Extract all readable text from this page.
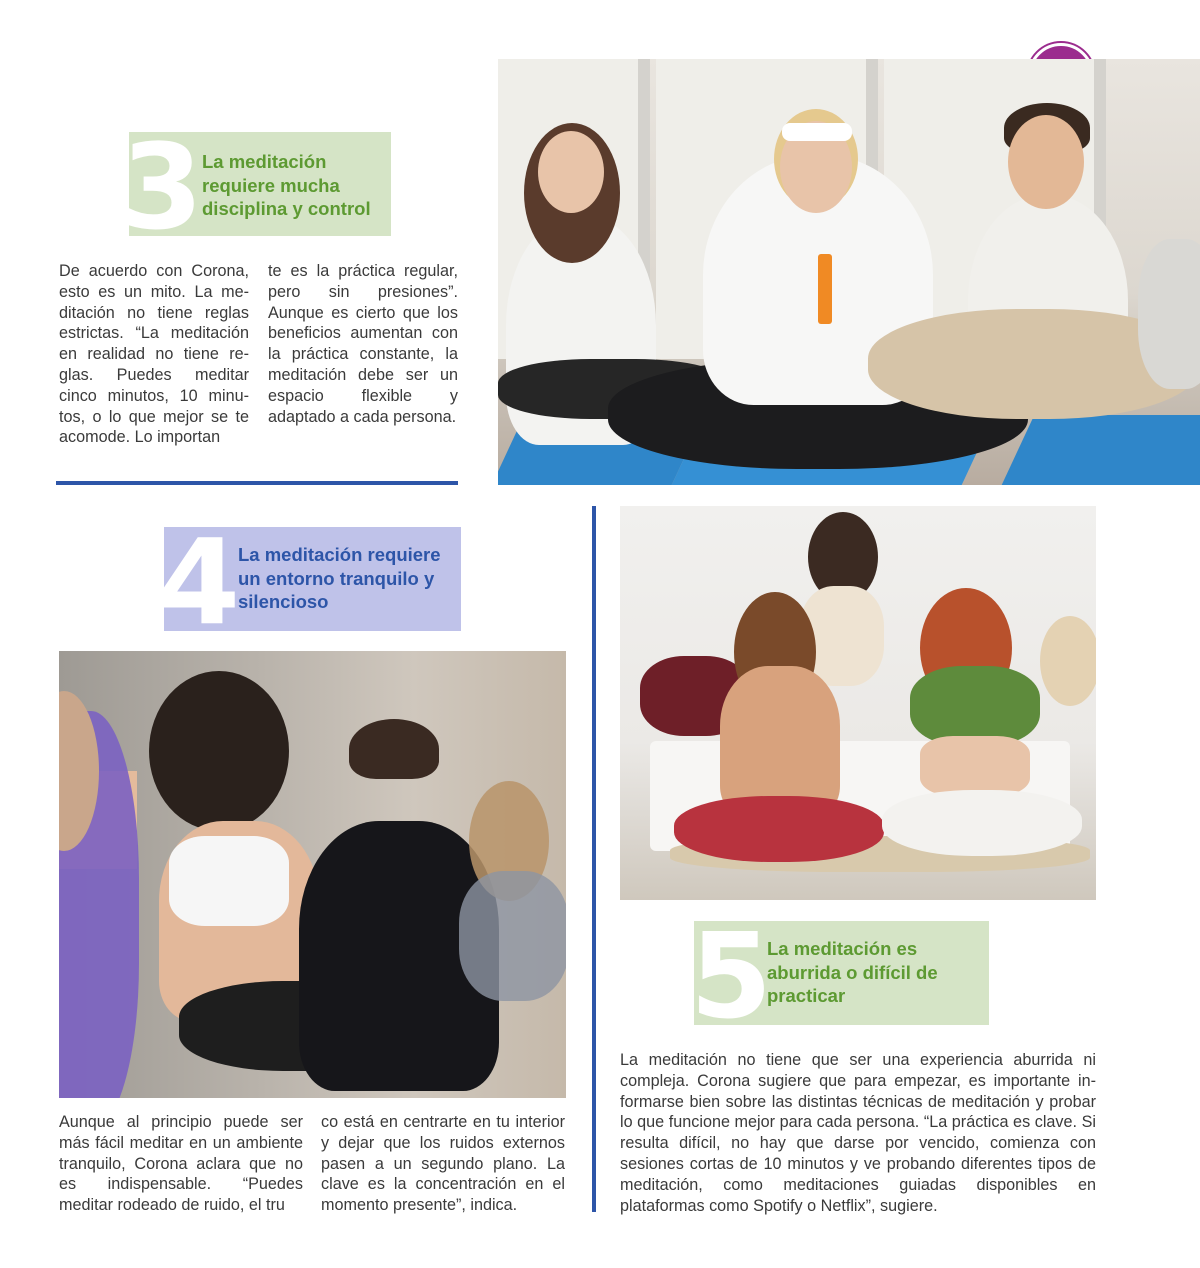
3
La meditación requiere mucha disciplina y control

De acuerdo con Corona, esto es un mito. La meditación no tiene reglas estrictas. “La meditación en realidad no tiene reglas. Puedes meditar cinco minutos, 10 minutos, o lo que mejor se te acomode. Lo importan

te es la práctica regular, pero sin presiones”. Aunque es cierto que los beneficios aumentan con la práctica constante, la meditación debe ser un espacio flexible y adaptado a cada persona.

4
La meditación requiere un entorno tranquilo y silencioso

Aunque al principio puede ser más fácil meditar en un ambiente tranquilo, Corona aclara que no es indispensable. “Puedes meditar rodeado de ruido, el tru

co está en centrarte en tu interior y dejar que los ruidos externos pasen a un segundo plano. La clave es la concentración en el momento presente”, indica.

5
La meditación es aburrida o difícil de practicar

La meditación no tiene que ser una experiencia aburrida ni compleja. Corona sugiere que para empezar, es importante informarse bien sobre las distintas técnicas de meditación y probar lo que funcione mejor para cada persona. “La práctica es clave. Si resulta difícil, no hay que darse por vencido, comienza con sesiones cortas de 10 minutos y ve probando diferentes tipos de meditación, como meditaciones guiadas disponibles en plataformas como Spotify o Netflix”, sugiere.
